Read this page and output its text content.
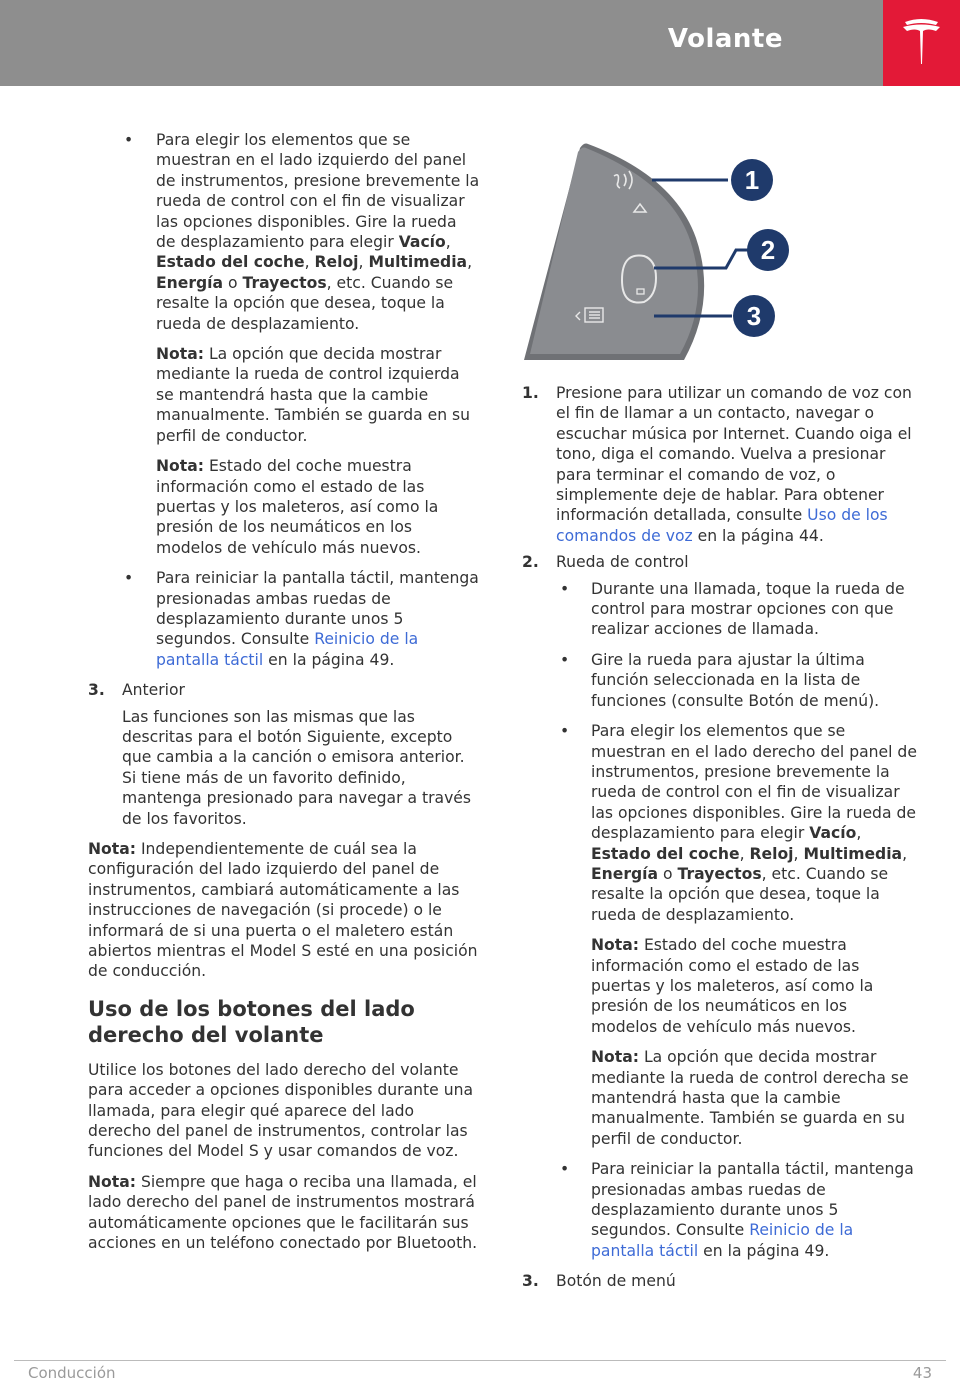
Volante
• Para elegir los elementos que se muestran en el lado izquierdo del panel de instrumentos, presione brevemente la rueda de control con el fin de visualizar las opciones disponibles. Gire la rueda de desplazamiento para elegir Vacío, Estado del coche, Reloj, Multimedia, Energía o Trayectos, etc. Cuando se resalte la opción que desea, toque la rueda de desplazamiento.

Nota: La opción que decida mostrar mediante la rueda de control izquierda se mantendrá hasta que la cambie manualmente. También se guarda en su perfil de conductor.

Nota: Estado del coche muestra información como el estado de las puertas y los maleteros, así como la presión de los neumáticos en los modelos de vehículo más nuevos.

• Para reiniciar la pantalla táctil, mantenga presionadas ambas ruedas de desplazamiento durante unos 5 segundos. Consulte Reinicio de la pantalla táctil en la página 49.

3. Anterior

Las funciones son las mismas que las descritas para el botón Siguiente, excepto que cambia a la canción o emisora anterior. Si tiene más de un favorito definido, mantenga presionado para navegar a través de los favoritos.

Nota: Independientemente de cuál sea la configuración del lado izquierdo del panel de instrumentos, cambiará automáticamente a las instrucciones de navegación (si procede) o le informará de si una puerta o el maletero están abiertos mientras el Model S esté en una posición de conducción.

Uso de los botones del lado derecho del volante

Utilice los botones del lado derecho del volante para acceder a opciones disponibles durante una llamada, para elegir qué aparece del lado derecho del panel de instrumentos, controlar las funciones del Model S y usar comandos de voz.

Nota: Siempre que haga o reciba una llamada, el lado derecho del panel de instrumentos mostrará automáticamente opciones que le facilitarán sus acciones en un teléfono conectado por Bluetooth.

1
2
3
1. Presione para utilizar un comando de voz con el fin de llamar a un contacto, navegar o escuchar música por Internet. Cuando oiga el tono, diga el comando. Vuelva a presionar para terminar el comando de voz, o simplemente deje de hablar. Para obtener información detallada, consulte Uso de los comandos de voz en la página 44.

2. Rueda de control

• Durante una llamada, toque la rueda de control para mostrar opciones con que realizar acciones de llamada.

• Gire la rueda para ajustar la última función seleccionada en la lista de funciones (consulte Botón de menú).

• Para elegir los elementos que se muestran en el lado derecho del panel de instrumentos, presione brevemente la rueda de control con el fin de visualizar las opciones disponibles. Gire la rueda de desplazamiento para elegir Vacío, Estado del coche, Reloj, Multimedia, Energía o Trayectos, etc. Cuando se resalte la opción que desea, toque la rueda de desplazamiento.

Nota: Estado del coche muestra información como el estado de las puertas y los maleteros, así como la presión de los neumáticos en los modelos de vehículo más nuevos.

Nota: La opción que decida mostrar mediante la rueda de control derecha se mantendrá hasta que la cambie manualmente. También se guarda en su perfil de conductor.

• Para reiniciar la pantalla táctil, mantenga presionadas ambas ruedas de desplazamiento durante unos 5 segundos. Consulte Reinicio de la pantalla táctil en la página 49.

3. Botón de menú

Conducción	43
